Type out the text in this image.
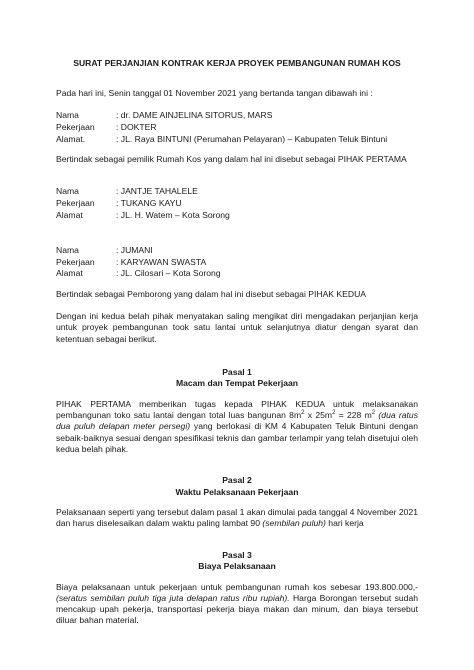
SURAT PERJANJIAN KONTRAK KERJA PROYEK PEMBANGUNAN RUMAH KOS

Pada hari ini, Senin tanggal 01 November 2021 yang bertanda tangan dibawah ini :

Nama	: dr. DAME AINJELINA SITORUS, MARS
Pekerjaan	: DOKTER
Alamat.	: JL. Raya BINTUNI (Perumahan Pelayaran) – Kabupaten Teluk Bintuni

Bertindak sebagai pemilik Rumah Kos yang dalam hal ini disebut sebagai PIHAK PERTAMA

Nama	: JANTJE TAHALELE
Pekerjaan	: TUKANG KAYU
Alamat	: JL. H. Watem – Kota Sorong
Nama	: JUMANI
Pekerjaan	: KARYAWAN SWASTA
Alamat	: JL. Cilosari – Kota Sorong

Bertindak sebagai Pemborong yang dalam hal ini disebut sebagai PIHAK KEDUA

Dengan ini kedua belah pihak menyatakan saling mengikat diri mengadakan perjanjian kerja untuk proyek pembangunan took satu lantai untuk selanjutnya diatur dengan syarat dan ketentuan sebagai berikut.

Pasal 1
Macam dan Tempat Pekerjaan

PIHAK PERTAMA memberikan tugas kepada PIHAK KEDUA untuk melaksanakan pembangunan toko satu lantai dengan total luas bangunan $8m^2$ x $25m^2 = 228$ $m^2$ (dua ratus dua puluh delapan meter persegi) yang berlokasi di KM 4 Kabupaten Teluk Bintuni dengan sebaik-baiknya sesuai dengan spesifikasi teknis dan gambar terlampir yang telah disetujui oleh kedua belah pihak.

Pasal 2
Waktu Pelaksanaan Pekerjaan

Pelaksanaan seperti yang tersebut dalam pasal 1 akan dimulai pada tanggal 4 November 2021 dan harus diselesaikan dalam waktu paling lambat 90 (sembilan puluh) hari kerja

Pasal 3
Biaya Pelaksanaan

Biaya pelaksanaan untuk pekerjaan untuk pembangunan rumah kos sebesar 193.800.000,- (seratus sembilan puluh tiga juta delapan ratus ribu rupiah). Harga Borongan tersebut sudah mencakup upah pekerja, transportasi pekerja biaya makan dan minum, dan biaya tersebut diluar bahan material.
